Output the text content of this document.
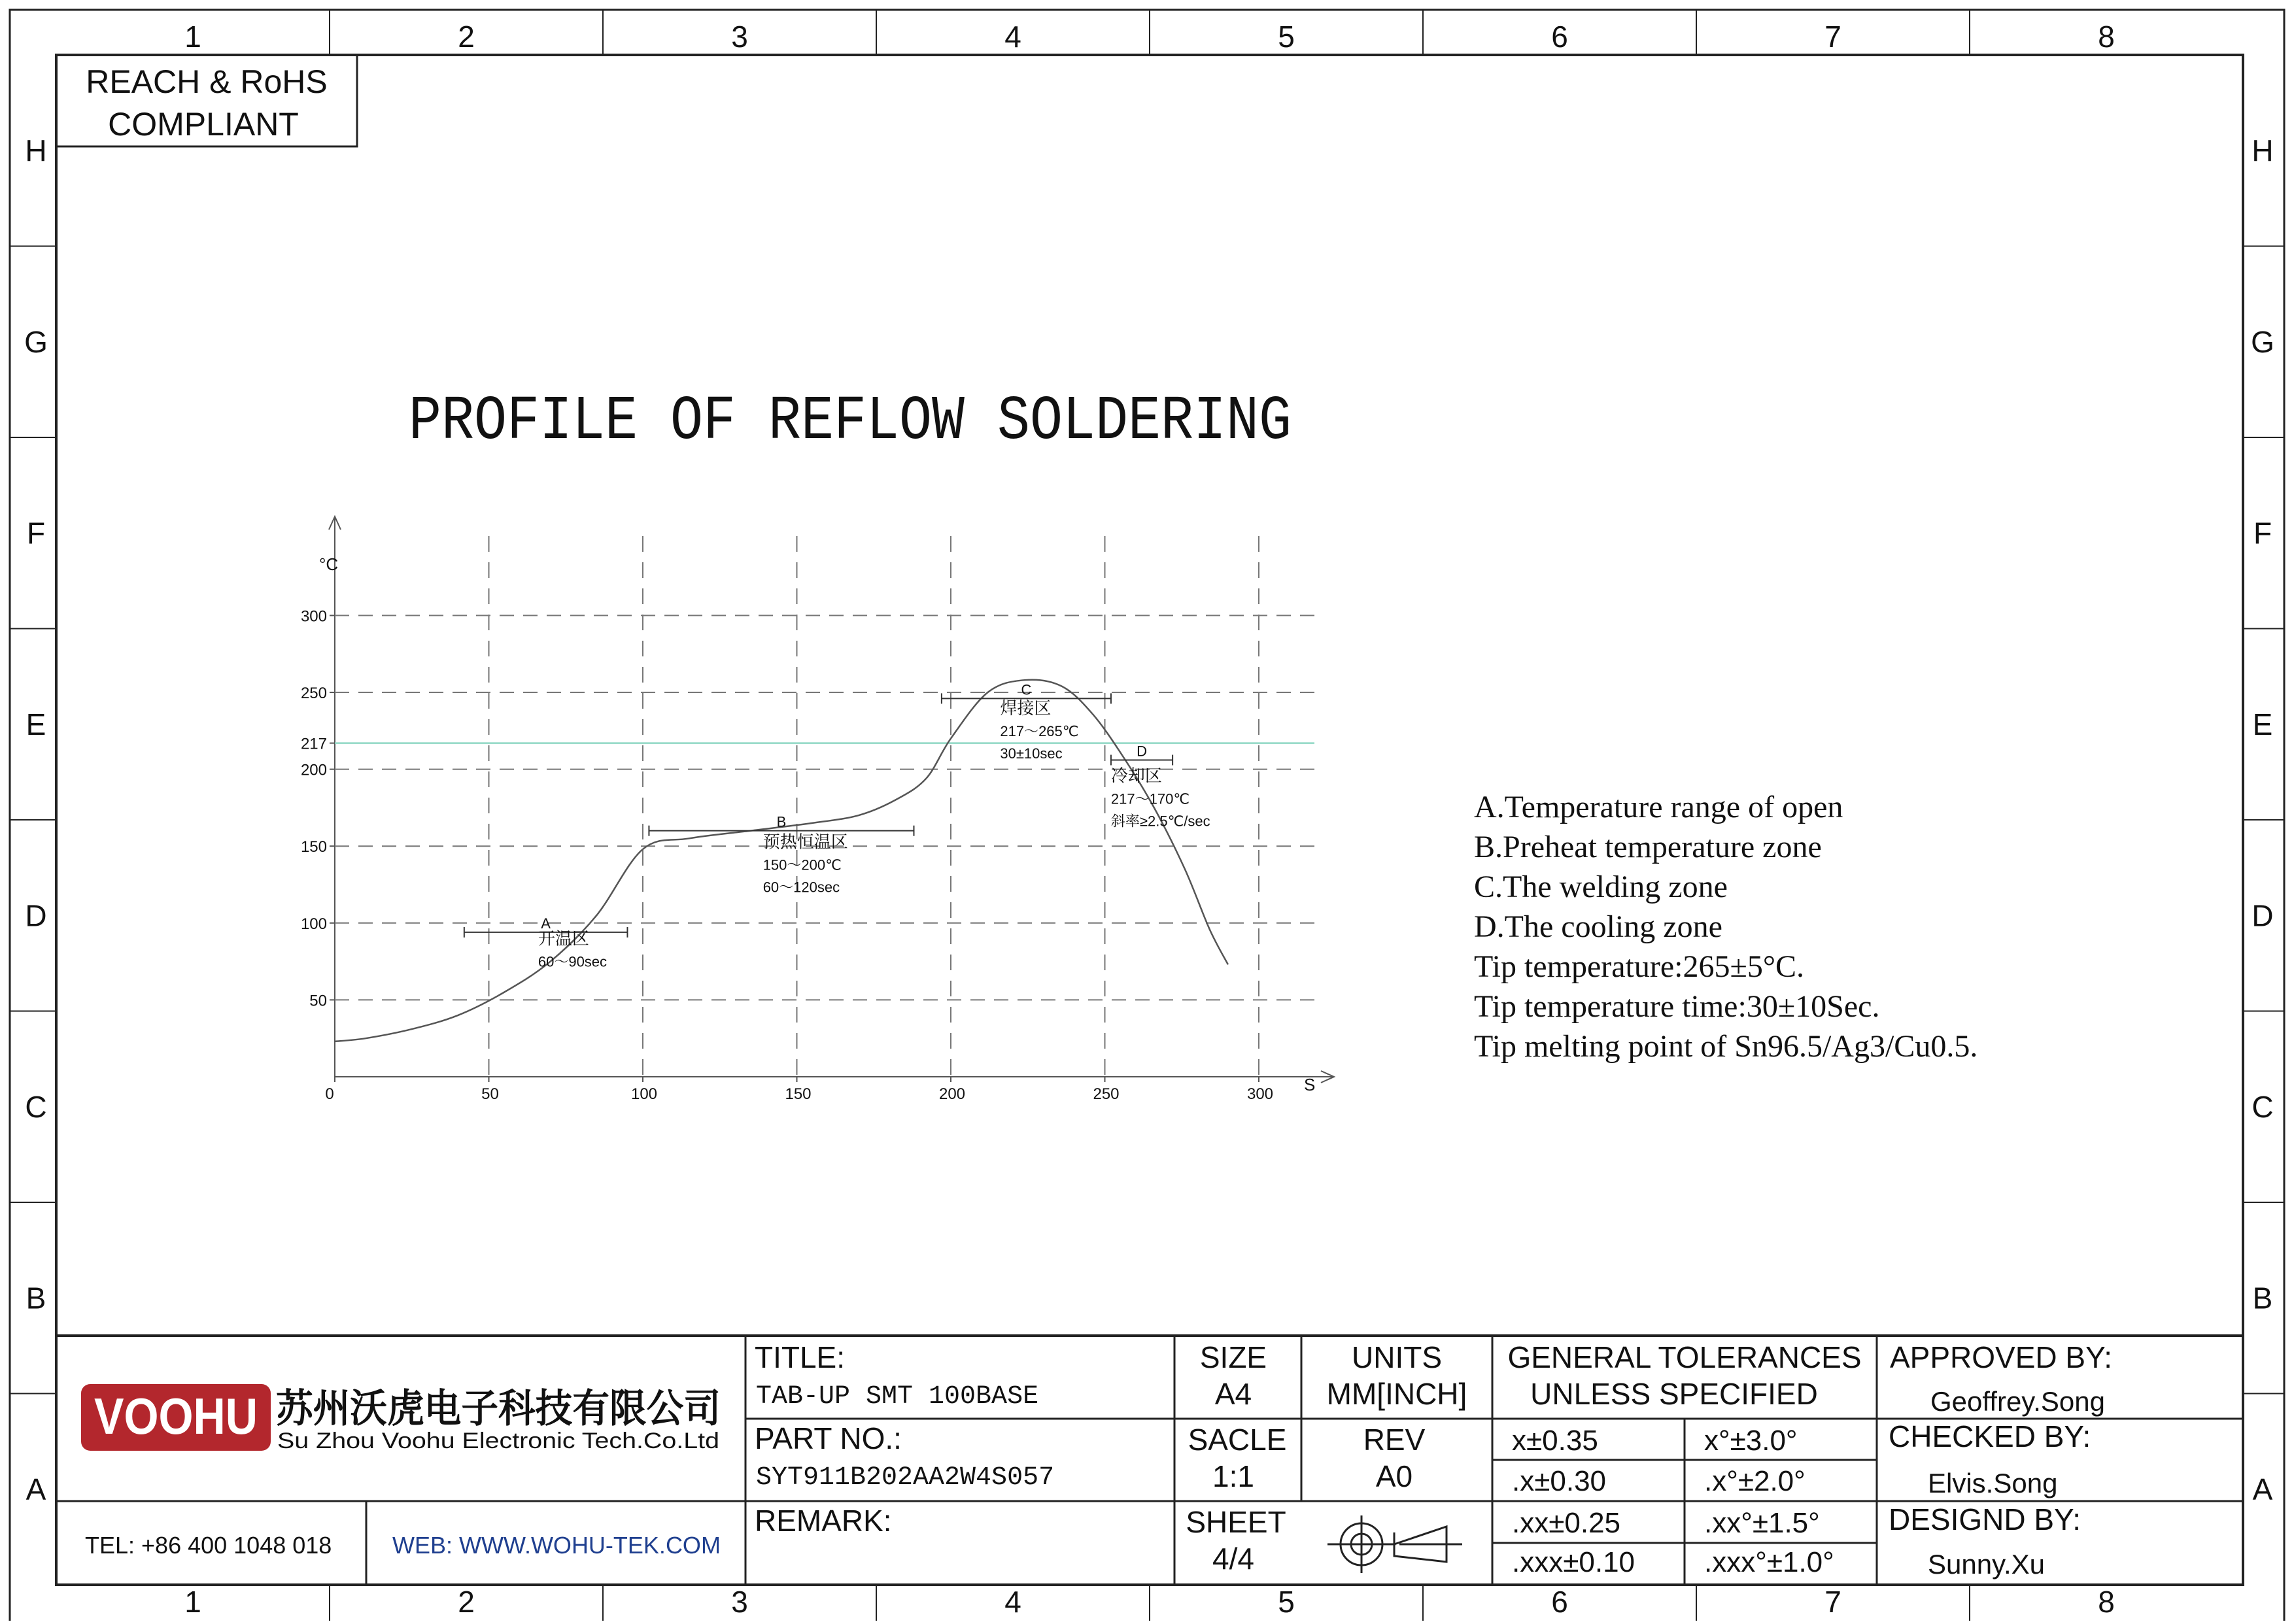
1
1
2
2
3
3
4
4
5
5
6
6
7
7
8
8
H	H
G	G
F	F
E	E
D	D
C	C
B	B
A	A
REACH & RoHS
COMPLIANT
PROFILE OF REFLOW SOLDERING
°C
S
50
100
150
200
217
250
300
0	50	100	150	200	250	300
A
开温区
60～90sec
B
预热恒温区
150～200℃
60～120sec
C
焊接区
217～265℃
30±10sec	D
冷却区
217～170℃
斜率≥2.5℃/sec	A.Temperature range of open
B.Preheat temperature zone
C.The welding zone
D.The cooling zone
Tip temperature:265±5°C.
Tip temperature time:30±10Sec.
Tip melting point of Sn96.5/Ag3/Cu0.5.
VOOHU 苏州沃虎电子科技有限公司
Su Zhou Voohu Electronic Tech.Co.Ltd
TEL: +86 400 1048 018	WEB: WWW.WOHU-TEK.COM
TITLE:
TAB-UP SMT 100BASE
PART NO.:
SYT911B202AA2W4S057
REMARK:
SIZE
A4
UNITS
MM[INCH]
SACLE
1:1
REV
A0
SHEET
4/4
GENERAL TOLERANCES
UNLESS SPECIFIED
x±0.35	x°±3.0°
.x±0.30	.x°±2.0°
.xx±0.25	.xx°±1.5°
.xxx±0.10 .xxx°±1.0°
APPROVED BY:
Geoffrey.Song
CHECKED BY:
Elvis.Song
DESIGND BY:
Sunny.Xu
